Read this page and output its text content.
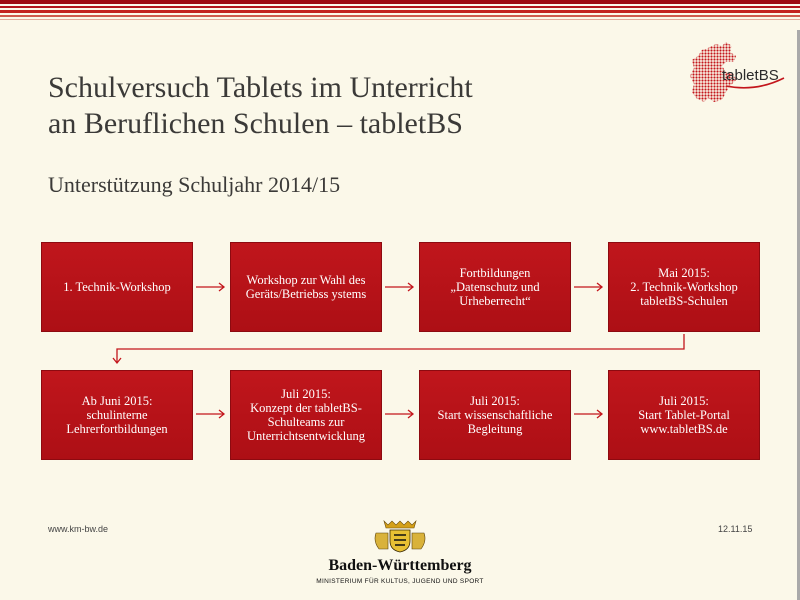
Schulversuch Tablets im Unterricht
an Beruflichen Schulen – tabletBS
Unterstützung Schuljahr 2014/15
tabletBS
1. Technik-Workshop	Workshop zur Wahl des
Geräts/Betriebss ystems
Fortbildungen
„Datenschutz und
Urheberrecht“
Mai 2015:
2. Technik-Workshop
tabletBS-Schulen
Ab Juni 2015:
schulinterne
Lehrerfortbildungen
Juli 2015:
Konzept der tabletBS-
Schulteams zur
Unterrichtsentwicklung
Juli 2015:
Start wissenschaftliche
Begleitung
Juli 2015:
Start Tablet-Portal
www.tabletBS.de
www.km-bw.de	12.11.15
Baden-Württemberg
MINISTERIUM FÜR KULTUS, JUGEND UND SPORT
